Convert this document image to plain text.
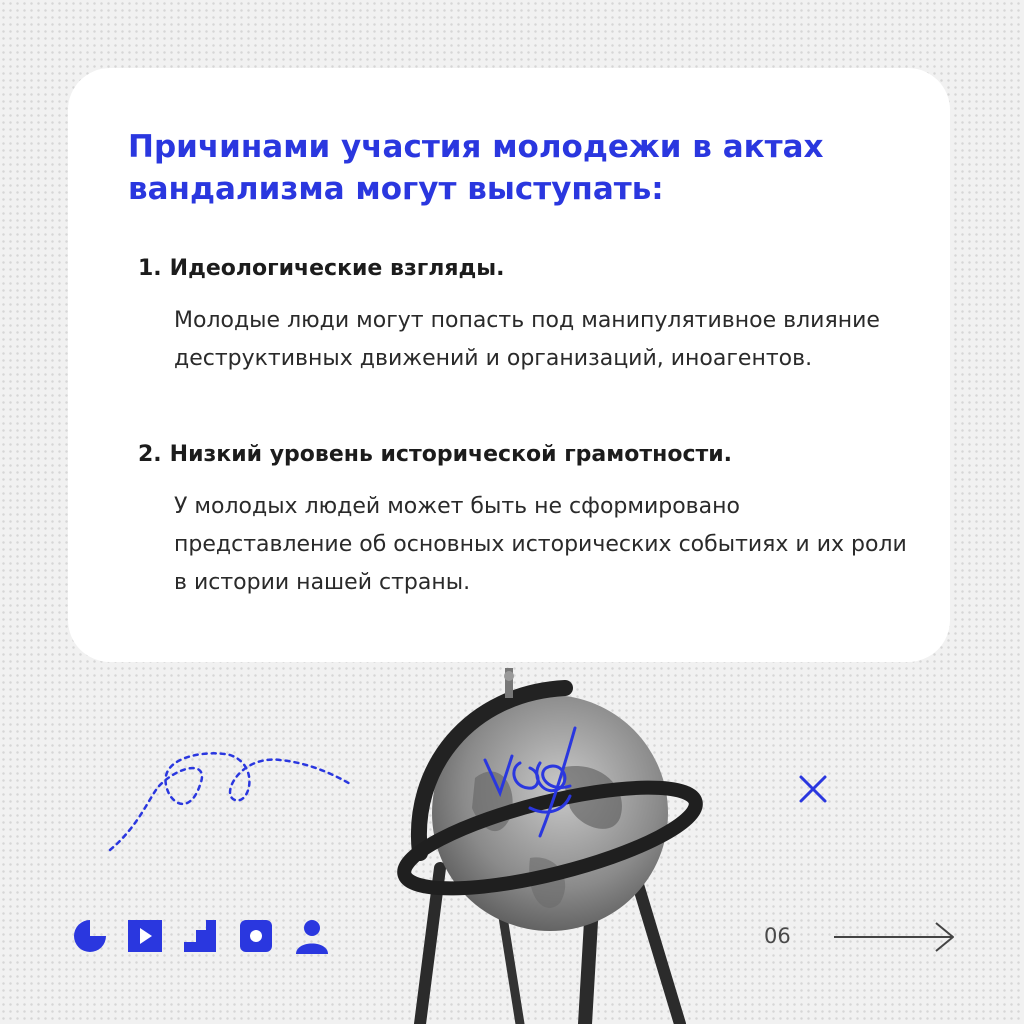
Причинами участия молодежи в актах вандализма могут выступать:

1. Идеологические взгляды.

Молодые люди могут попасть под манипулятивное влияние деструктивных движений и организаций, иноагентов.

2. Низкий уровень исторической грамотности.

У молодых людей может быть не сформировано представление об основных исторических событиях и их роли в истории нашей страны.

06
